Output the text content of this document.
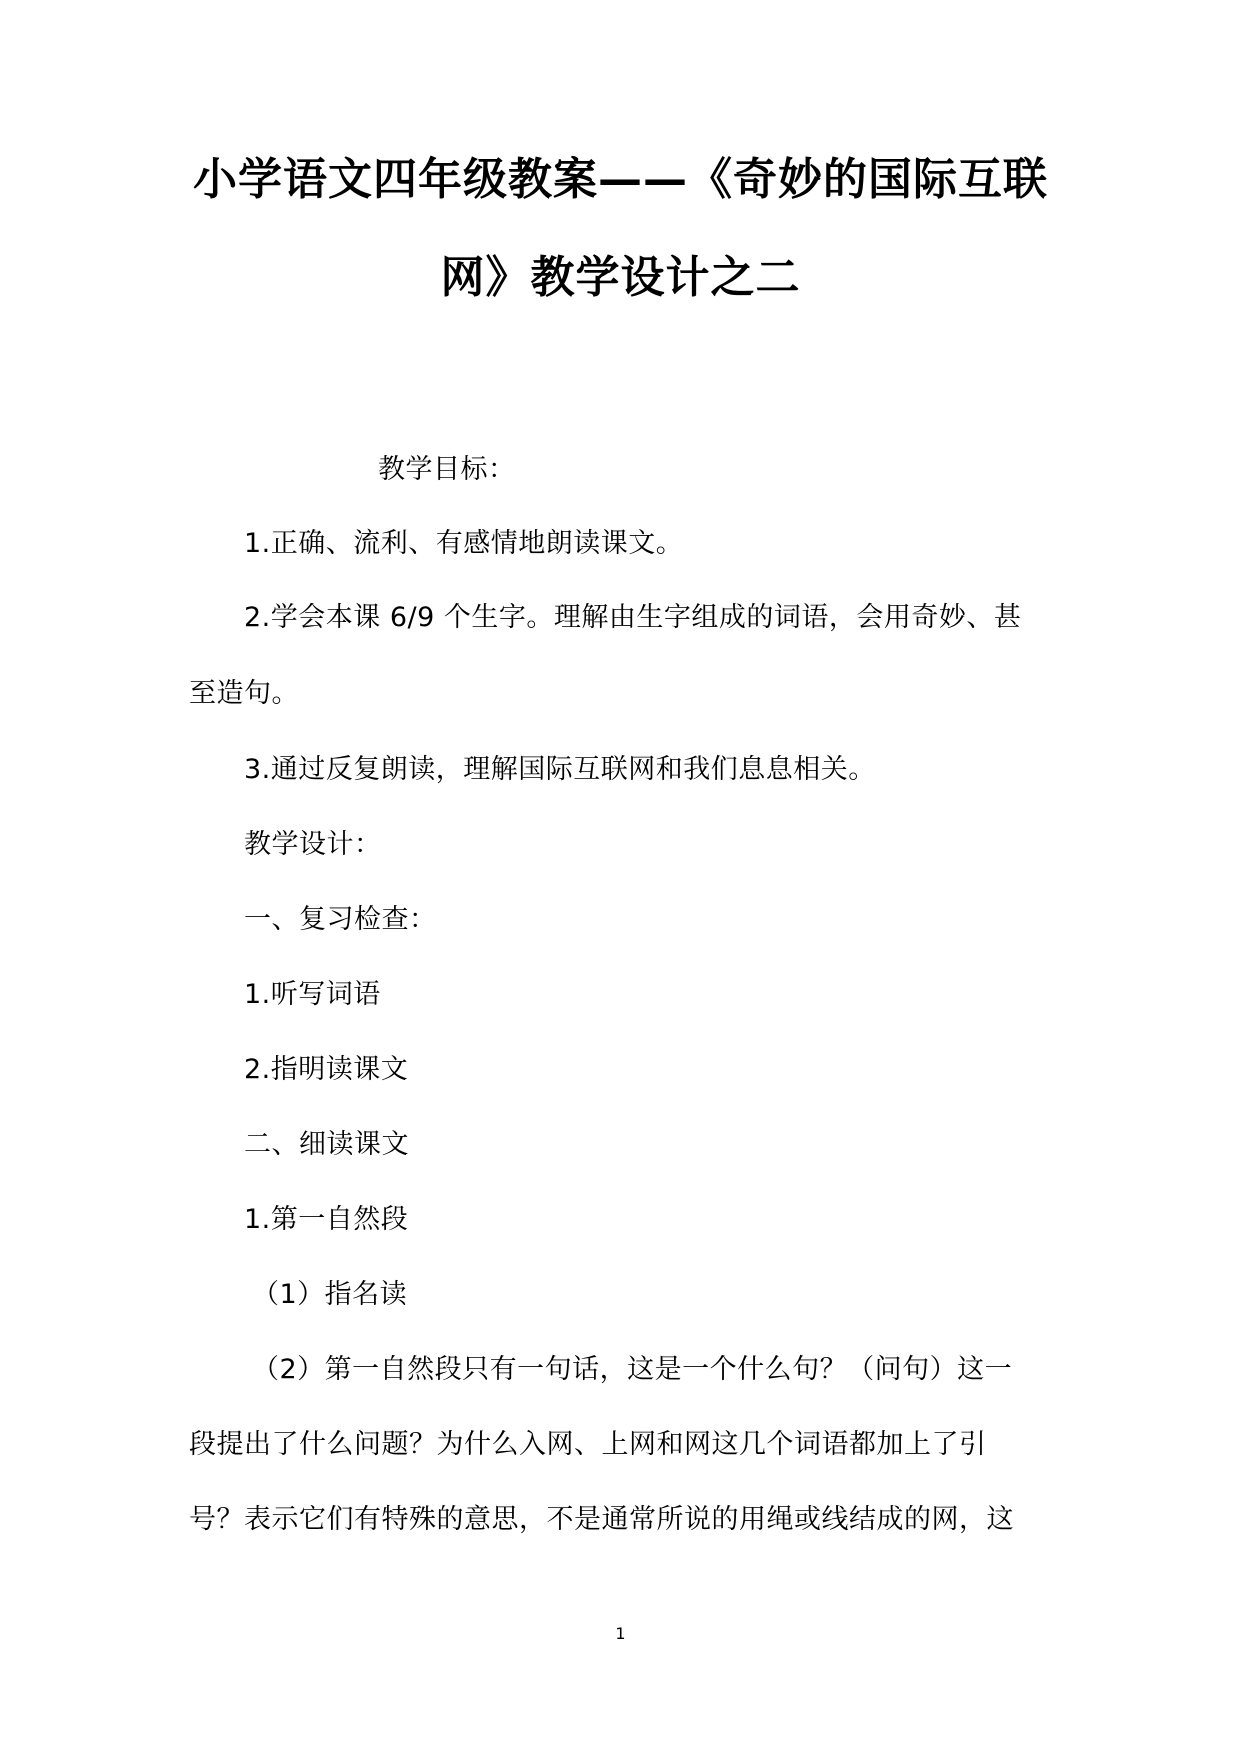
小学语文四年级教案——《奇妙的国际互联
网》教学设计之二
教学目标：
1.正确、流利、有感情地朗读课文。
2.学会本课 6/9 个生字。理解由生字组成的词语，会用奇妙、甚
至造句。
3.通过反复朗读，理解国际互联网和我们息息相关。
教学设计：
一、复习检查：
1.听写词语
2.指明读课文
二、细读课文
1.第一自然段
（1）指名读
（2）第一自然段只有一句话，这是一个什么句？（问句）这一
段提出了什么问题？为什么入网、上网和网这几个词语都加上了引
号？表示它们有特殊的意思，不是通常所说的用绳或线结成的网，这
1
